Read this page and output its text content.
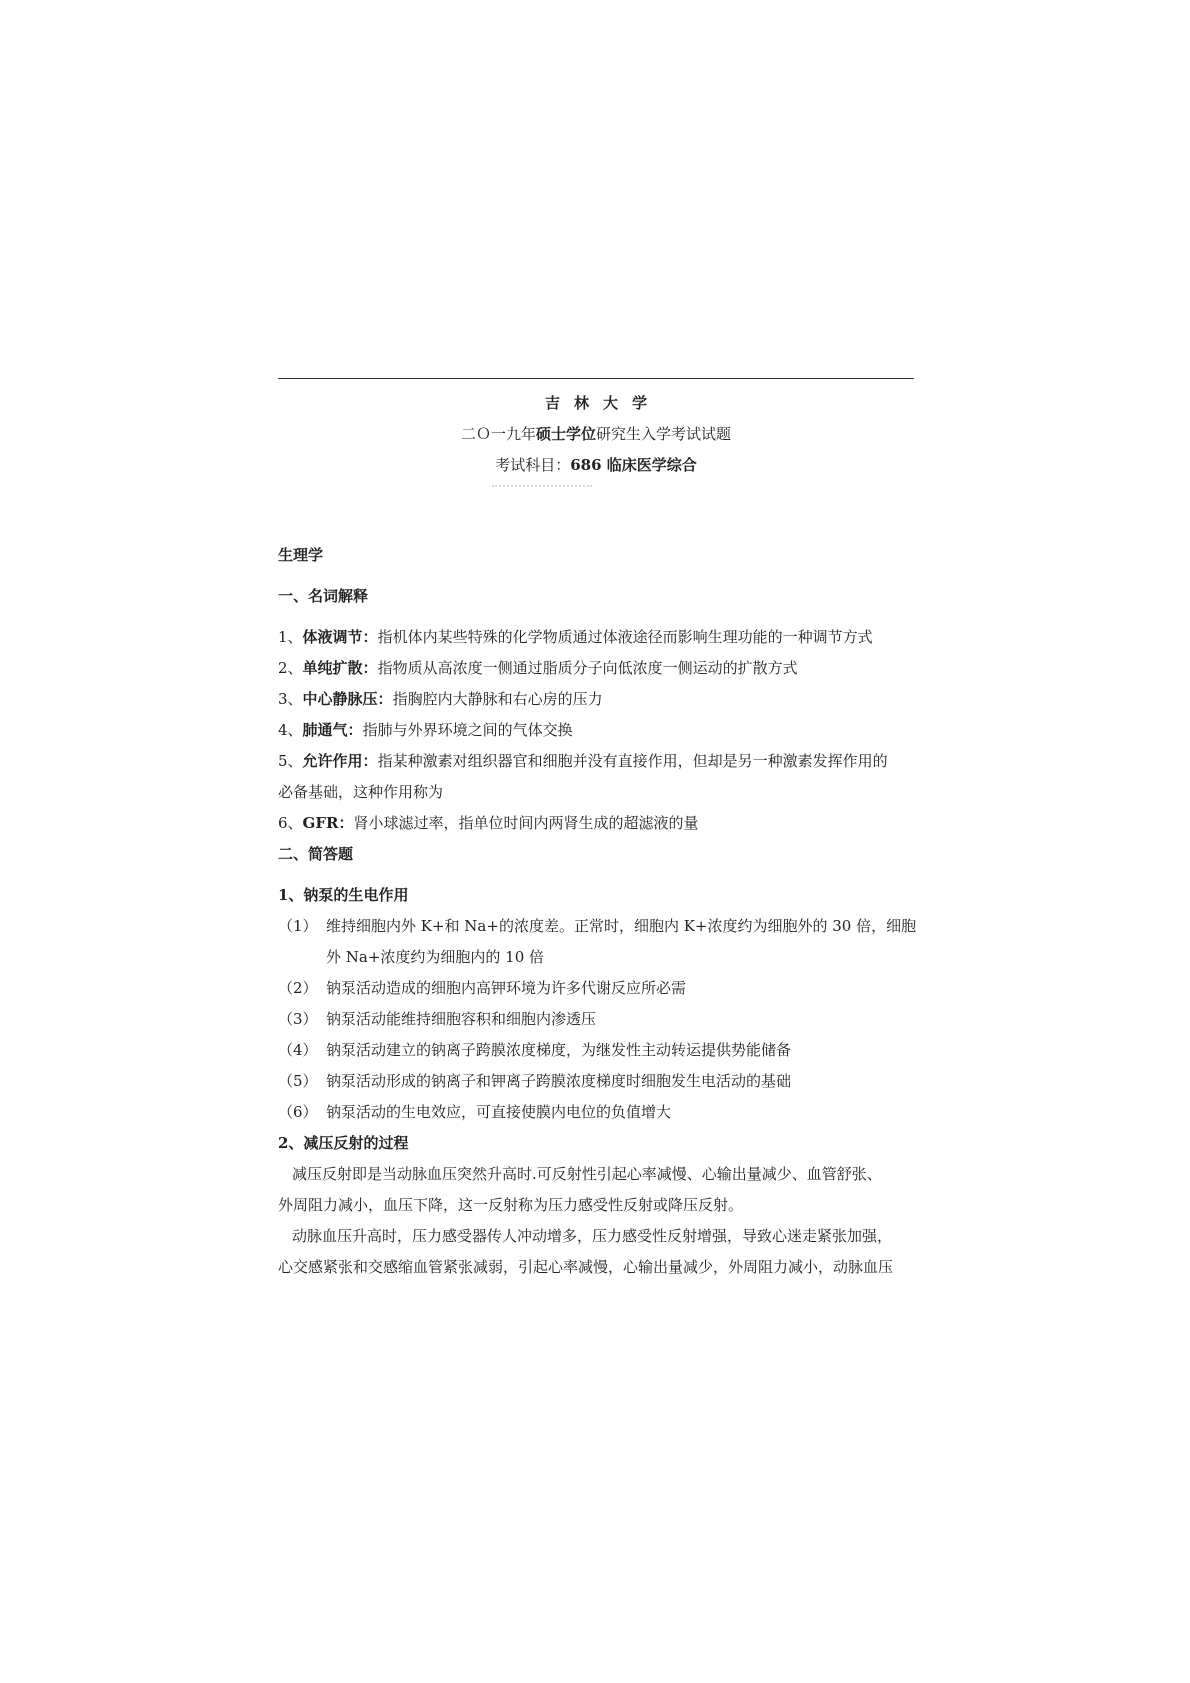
吉林大学
二Ｏ一九年硕士学位研究生入学考试试题
考试科目：686 临床医学综合
生理学
一、名词解释
1、体液调节：指机体内某些特殊的化学物质通过体液途径而影响生理功能的一种调节方式
2、单纯扩散：指物质从高浓度一侧通过脂质分子向低浓度一侧运动的扩散方式
3、中心静脉压：指胸腔内大静脉和右心房的压力
4、肺通气：指肺与外界环境之间的气体交换
5、允许作用：指某种激素对组织器官和细胞并没有直接作用，但却是另一种激素发挥作用的
必备基础，这种作用称为
6、GFR：肾小球滤过率，指单位时间内两肾生成的超滤液的量
二、简答题
1、钠泵的生电作用
（1） 维持细胞内外 K+和 Na+的浓度差。正常时，细胞内 K+浓度约为细胞外的 30 倍，细胞
外 Na+浓度约为细胞内的 10 倍
（2） 钠泵活动造成的细胞内高钾环境为许多代谢反应所必需
（3） 钠泵活动能维持细胞容积和细胞内渗透压
（4） 钠泵活动建立的钠离子跨膜浓度梯度，为继发性主动转运提供势能储备
（5） 钠泵活动形成的钠离子和钾离子跨膜浓度梯度时细胞发生电活动的基础
（6） 钠泵活动的生电效应，可直接使膜内电位的负值增大
2、减压反射的过程
减压反射即是当动脉血压突然升高时.可反射性引起心率减慢、心输出量减少、血管舒张、
外周阻力减小，血压下降，这一反射称为压力感受性反射或降压反射。
动脉血压升高时，压力感受器传人冲动增多，压力感受性反射增强，导致心迷走紧张加强，
心交感紧张和交感缩血管紧张减弱，引起心率减慢，心输出量减少，外周阻力减小，动脉血压
